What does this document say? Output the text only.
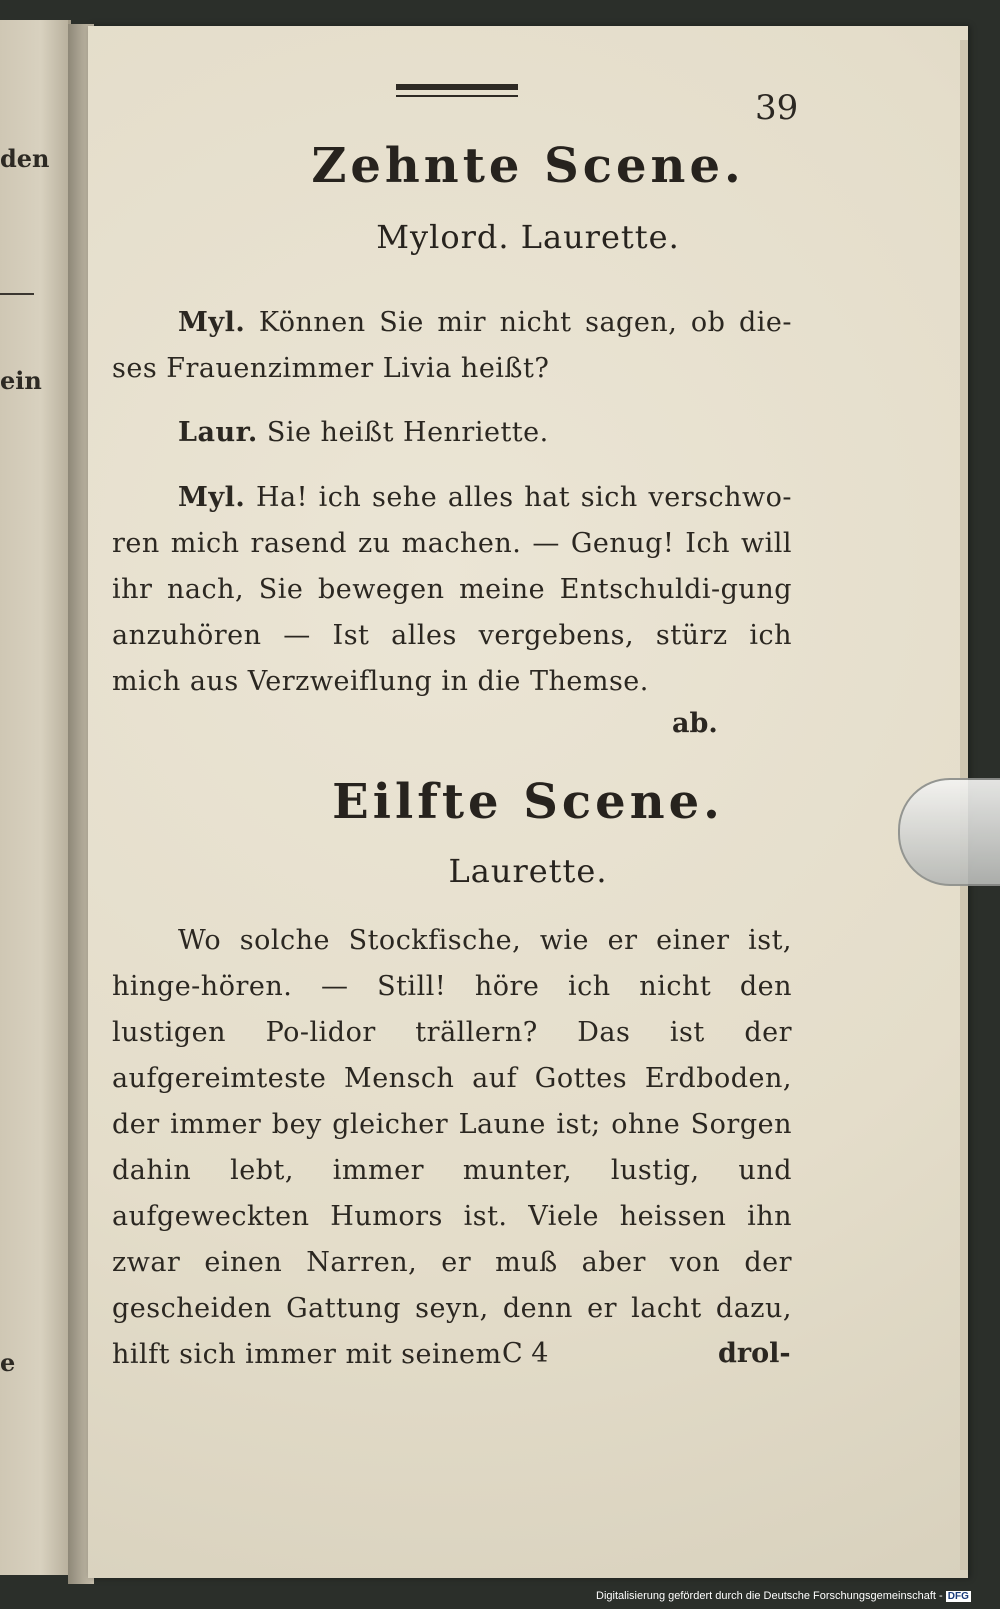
den
ein
e
39
Zehnte Scene.
Mylord. Laurette.
Myl. Können Sie mir nicht sagen, ob die-ses Frauenzimmer Livia heißt?
Laur. Sie heißt Henriette.
Myl. Ha! ich sehe alles hat sich verschwo-ren mich rasend zu machen. — Genug! Ich will ihr nach, Sie bewegen meine Entschuldi-gung anzuhören — Ist alles vergebens, stürz ich mich aus Verzweiflung in die Themse.
ab.
Eilfte Scene.
Laurette.
Wo solche Stockfische, wie er einer ist, hinge-hören. — Still! höre ich nicht den lustigen Po-lidor trällern? Das ist der aufgereimteste Mensch auf Gottes Erdboden, der immer bey gleicher Laune ist; ohne Sorgen dahin lebt, immer munter, lustig, und aufgeweckten Humors ist. Viele heissen ihn zwar einen Narren, er muß aber von der gescheiden Gattung seyn, denn er lacht dazu, hilft sich immer mit seinem C 4	drol-
Digitalisierung gefördert durch die Deutsche Forschungsgemeinschaft - DFG
